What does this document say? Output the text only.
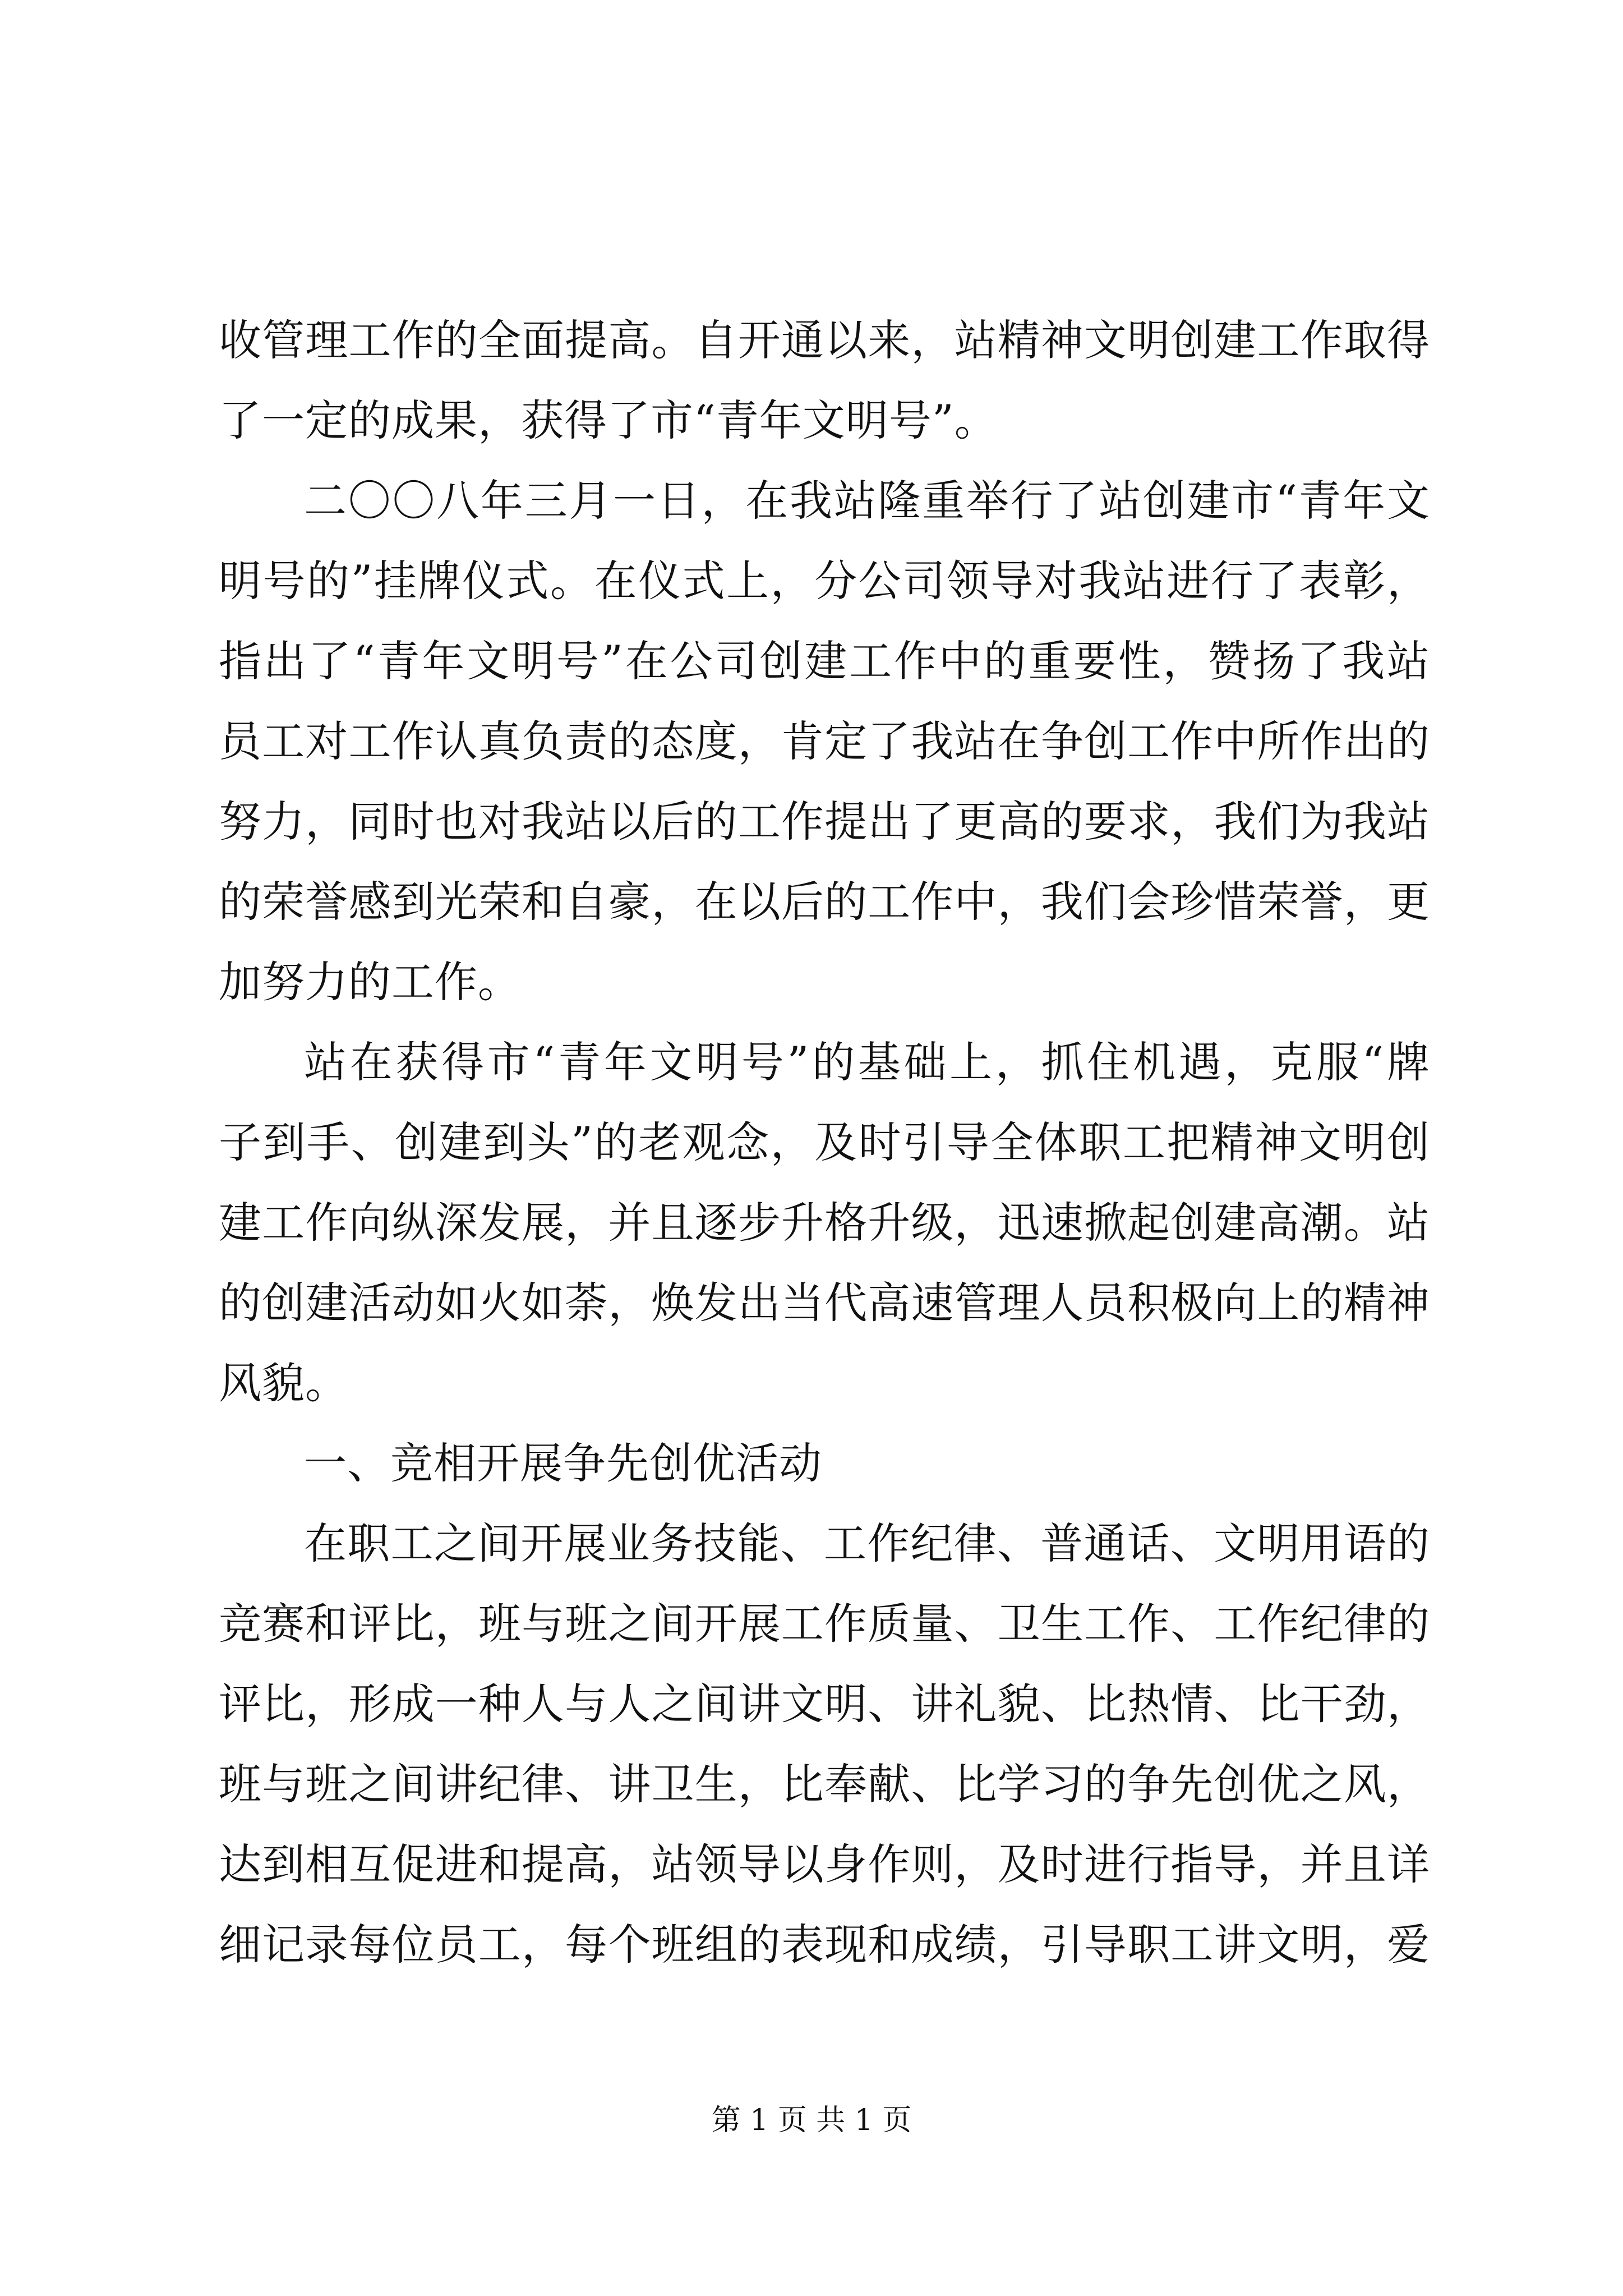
收管理工作的全面提高。自开通以来，站精神文明创建工作取得
了一定的成果，获得了市“青年文明号”。
二〇〇八年三月一日，在我站隆重举行了站创建市“青年文
明号的”挂牌仪式。在仪式上，分公司领导对我站进行了表彰，
指出了“青年文明号”在公司创建工作中的重要性，赞扬了我站
员工对工作认真负责的态度，肯定了我站在争创工作中所作出的
努力，同时也对我站以后的工作提出了更高的要求，我们为我站
的荣誉感到光荣和自豪，在以后的工作中，我们会珍惜荣誉，更
加努力的工作。
站在获得市“青年文明号”的基础上，抓住机遇，克服“牌
子到手、创建到头”的老观念，及时引导全体职工把精神文明创
建工作向纵深发展，并且逐步升格升级，迅速掀起创建高潮。站
的创建活动如火如荼，焕发出当代高速管理人员积极向上的精神
风貌。
一、竞相开展争先创优活动
在职工之间开展业务技能、工作纪律、普通话、文明用语的
竞赛和评比，班与班之间开展工作质量、卫生工作、工作纪律的
评比，形成一种人与人之间讲文明、讲礼貌、比热情、比干劲，
班与班之间讲纪律、讲卫生，比奉献、比学习的争先创优之风，
达到相互促进和提高，站领导以身作则，及时进行指导，并且详
细记录每位员工，每个班组的表现和成绩，引导职工讲文明，爱
第 1 页 共 1 页
